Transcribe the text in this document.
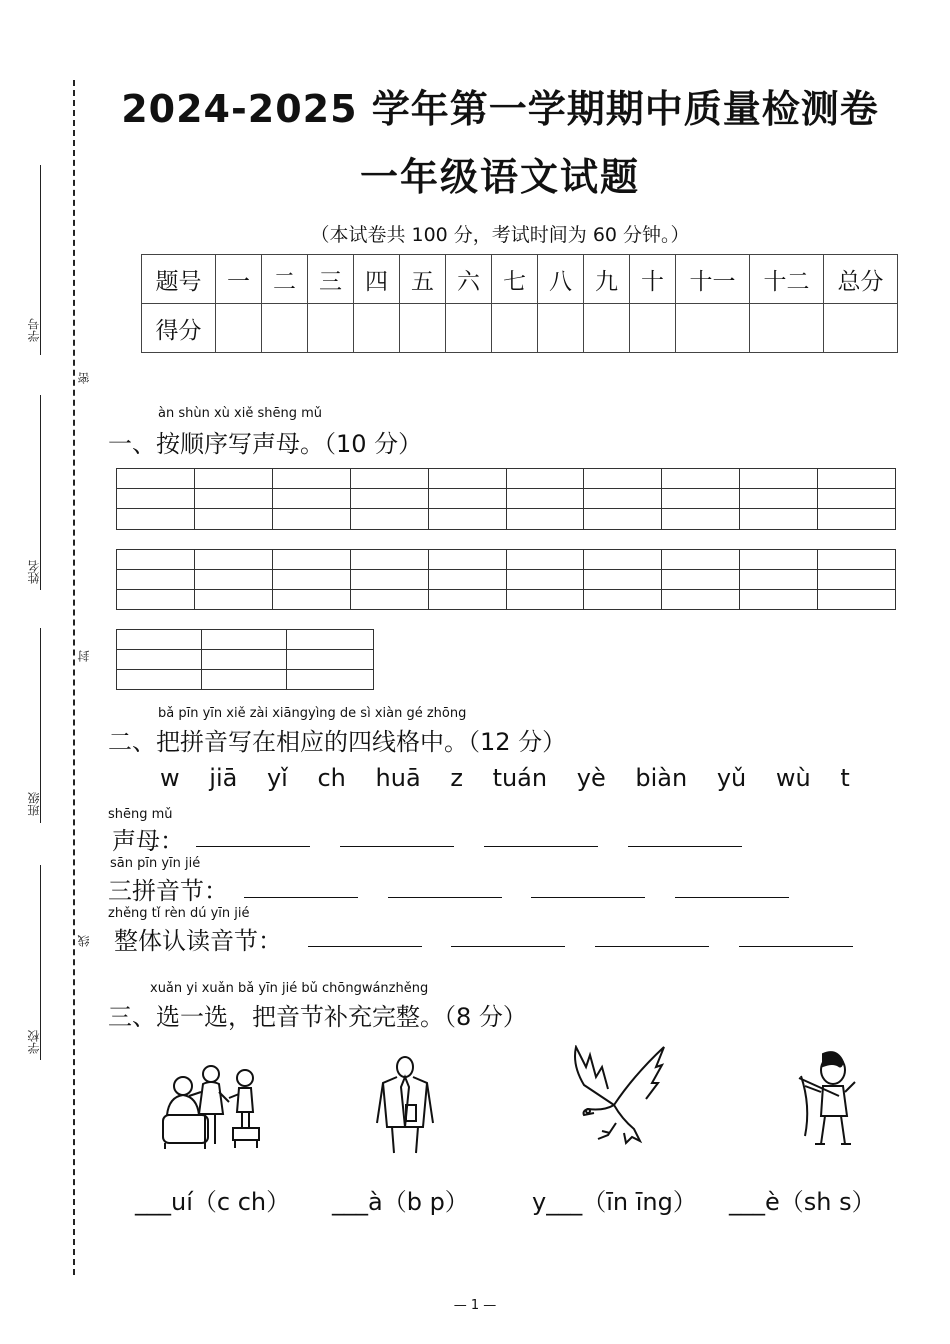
学号
姓名
班级
学校
密
封
线
2024-2025 学年第一学期期中质量检测卷
一年级语文试题
（本试卷共 100 分，考试时间为 60 分钟。）
题号	一	二	三	四	五	六	七	八	九	十	十一	十二	总分
得分													
àn shùn xù xiě shēng mǔ
一、按顺序写声母。（10 分）
bǎ pīn yīn xiě zài xiāngyìng de sì xiàn gé zhōng
二、把拼音写在相应的四线格中。（12 分）
w jiā yǐ ch huā z tuán yè biàn yǔ wù t
shēng mǔ
声母：
sān pīn yīn jié
三拼音节：
zhěng tǐ rèn dú yīn jié
整体认读音节：
xuǎn yi xuǎn bǎ yīn jié bǔ chōngwánzhěng
三、选一选，把音节补充完整。（8 分）
___uí（c ch） ___à（b p）	y___（īn īng） ___è（sh s）
— 1 —
